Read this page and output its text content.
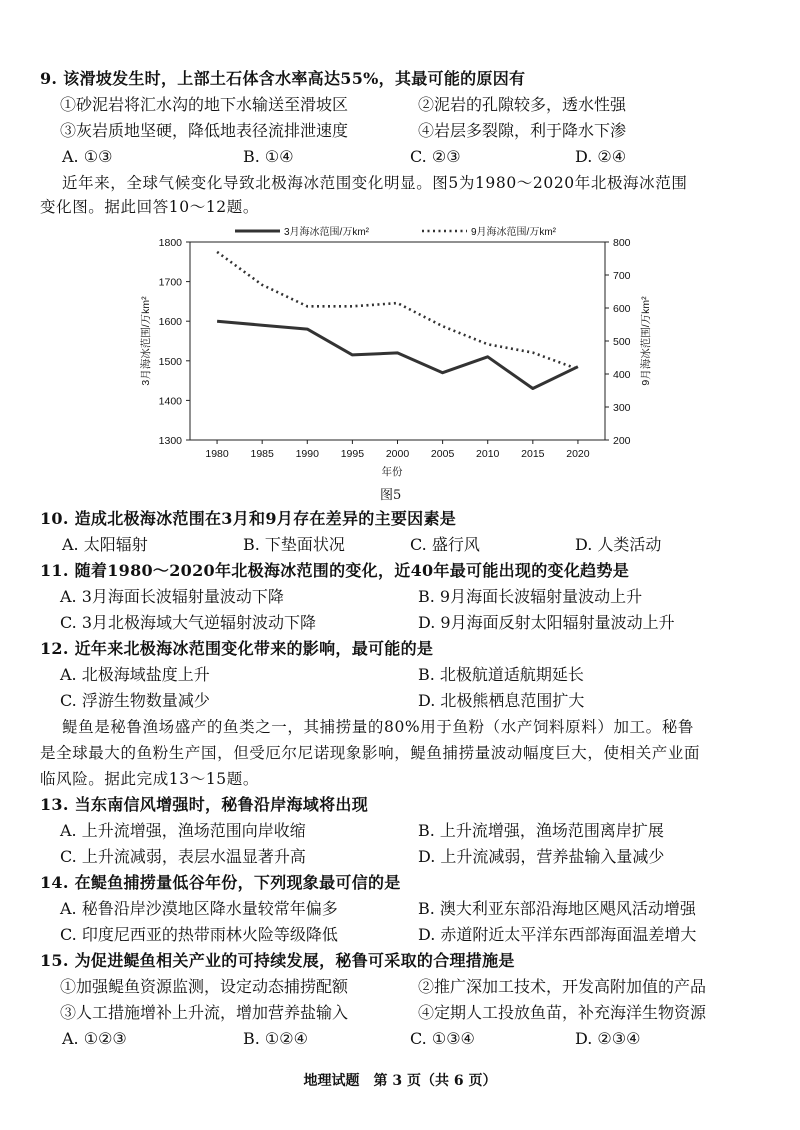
9. 该滑坡发生时，上部土石体含水率高达55%，其最可能的原因有
①砂泥岩将汇水沟的地下水输送至滑坡区	②泥岩的孔隙较多，透水性强
③灰岩质地坚硬，降低地表径流排泄速度	④岩层多裂隙，利于降水下渗
A. ①③	B. ①④	C. ②③	D. ②④
近年来，全球气候变化导致北极海冰范围变化明显。图5为1980～2020年北极海冰范围
变化图。据此回答10～12题。
3月海冰范围/万km²	9月海冰范围/万km²
1300
1400
1500
1600
1700
1800
200
300
400
500
600
700
800
1980 1985 1990 1995 2000 2005 2010 2015 2020
年份
3月海冰范围/万km²	9月海冰范围/万km²
图5
10. 造成北极海冰范围在3月和9月存在差异的主要因素是
A. 太阳辐射	B. 下垫面状况	C. 盛行风	D. 人类活动
11. 随着1980～2020年北极海冰范围的变化，近40年最可能出现的变化趋势是
A. 3月海面长波辐射量波动下降	B. 9月海面长波辐射量波动上升
C. 3月北极海域大气逆辐射波动下降	D. 9月海面反射太阳辐射量波动上升
12. 近年来北极海冰范围变化带来的影响，最可能的是
A. 北极海域盐度上升	B. 北极航道适航期延长
C. 浮游生物数量减少	D. 北极熊栖息范围扩大
鳀鱼是秘鲁渔场盛产的鱼类之一，其捕捞量的80%用于鱼粉（水产饲料原料）加工。秘鲁
是全球最大的鱼粉生产国，但受厄尔尼诺现象影响，鳀鱼捕捞量波动幅度巨大，使相关产业面
临风险。据此完成13～15题。
13. 当东南信风增强时，秘鲁沿岸海域将出现
A. 上升流增强，渔场范围向岸收缩	B. 上升流增强，渔场范围离岸扩展
C. 上升流减弱，表层水温显著升高	D. 上升流减弱，营养盐输入量减少
14. 在鳀鱼捕捞量低谷年份，下列现象最可信的是
A. 秘鲁沿岸沙漠地区降水量较常年偏多	B. 澳大利亚东部沿海地区飓风活动增强
C. 印度尼西亚的热带雨林火险等级降低	D. 赤道附近太平洋东西部海面温差增大
15. 为促进鳀鱼相关产业的可持续发展，秘鲁可采取的合理措施是
①加强鳀鱼资源监测，设定动态捕捞配额	②推广深加工技术，开发高附加值的产品
③人工措施增补上升流，增加营养盐输入	④定期人工投放鱼苗，补充海洋生物资源
A. ①②③	B. ①②④	C. ①③④	D. ②③④
地理试题　第 3 页（共 6 页）
